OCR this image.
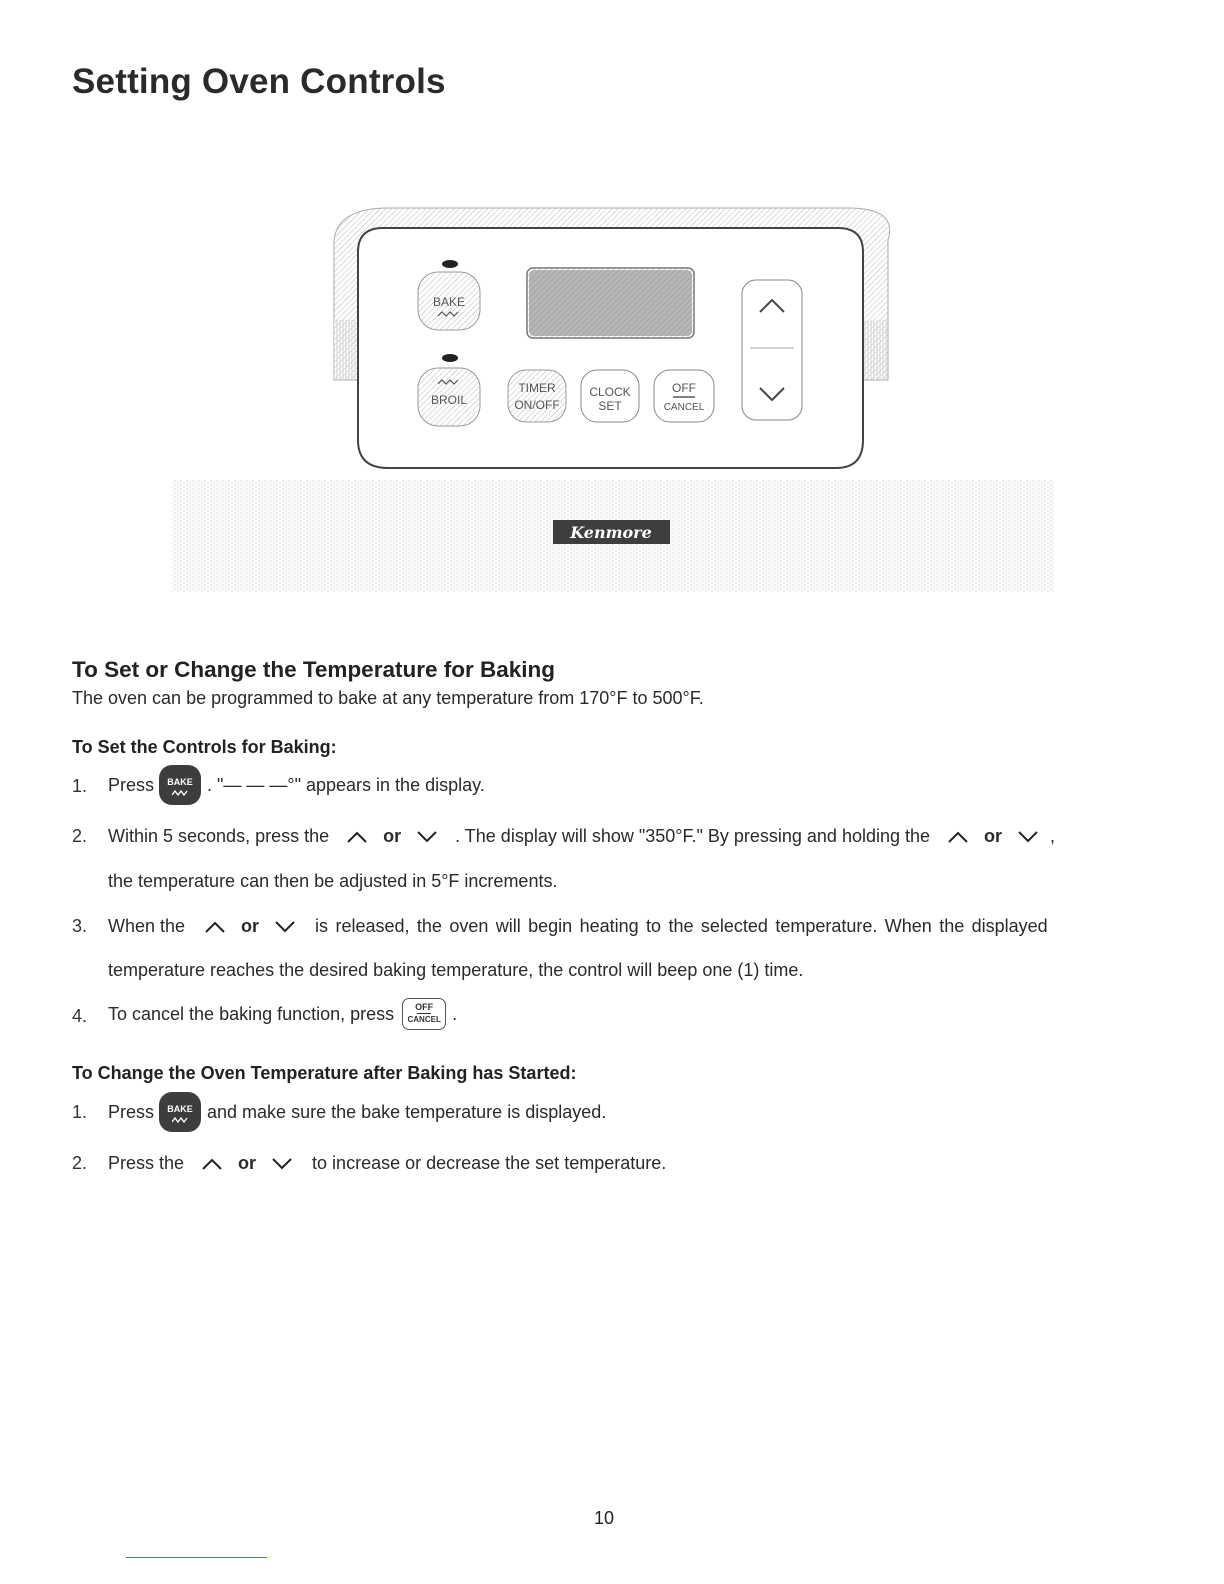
Setting Oven Controls
BAKE
BROIL
TIMER
ON/OFF
CLOCK
SET
OFF
CANCEL
Kenmore
To Set or Change the Temperature for Baking
The oven can be programmed to bake at any temperature from 170°F to 500°F.
To Set the Controls for Baking:
1. Press	BAKE . "— — —°" appears in the display.
2. Within 5 seconds, press the	or	. The display will show "350°F." By pressing and holding the	or	,
the temperature can then be adjusted in 5°F increments.
3. When the	or	is released, the oven will begin heating to the selected temperature. When the displayed
temperature reaches the desired baking temperature, the control will beep one (1) time.
4. To cancel the baking function, press	OFF
CANCEL .
To Change the Oven Temperature after Baking has Started:
1. Press	BAKE and make sure the bake temperature is displayed.
2. Press the	or	to increase or decrease the set temperature.
10
